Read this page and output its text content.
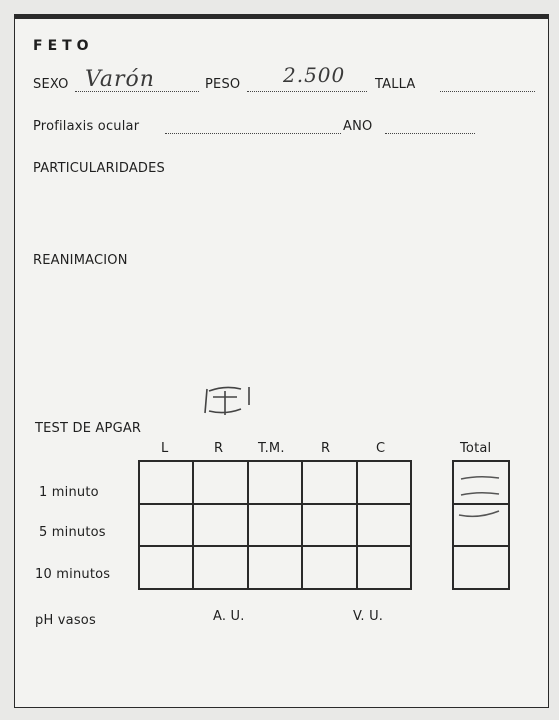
FETO
SEXO Varón	PESO 2.500 TALLA
Profilaxis ocular	ANO
PARTICULARIDADES
REANIMACION
TEST DE APGAR
L	R	T.M.	R	C	Total
1 minuto
5 minutos
10 minutos
pH vasos	A. U.	V. U.
